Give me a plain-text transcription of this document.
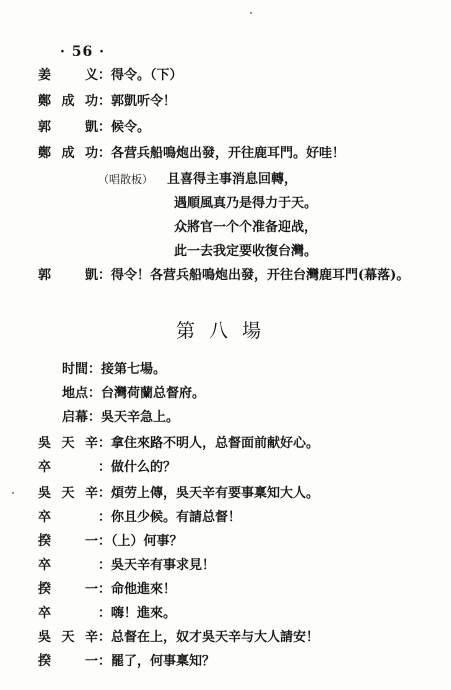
· 56 ·
姜　义：得令。（下）
鄭成功：郭凱听令！
郭　凱：候令。
鄭成功：各营兵船鳴炮出發，开往鹿耳門。好哇！
（唱散板） 且喜得主事消息回轉，
遇順風真乃是得力于天。
众將官一个个准备迎战，
此一去我定要收復台灣。
郭　凱：得令！各营兵船鳴炮出發，开往台灣鹿耳門(幕落)。
第八場
时間：接第七場。
地点：台灣荷蘭总督府。
启幕：吳天辛急上。
吳天辛：拿住來路不明人，总督面前献好心。
卒	：做什么的？
吳天辛：煩劳上傳，吳天辛有要事稟知大人。
卒	：你且少候。有請总督！
揆　一：（上）何事？
卒	：吳天辛有事求見！
揆　一：命他進來！
卒	：嗨！進來。
吳天辛：总督在上，奴才吳天辛与大人請安！
揆　一：罷了，何事稟知？
